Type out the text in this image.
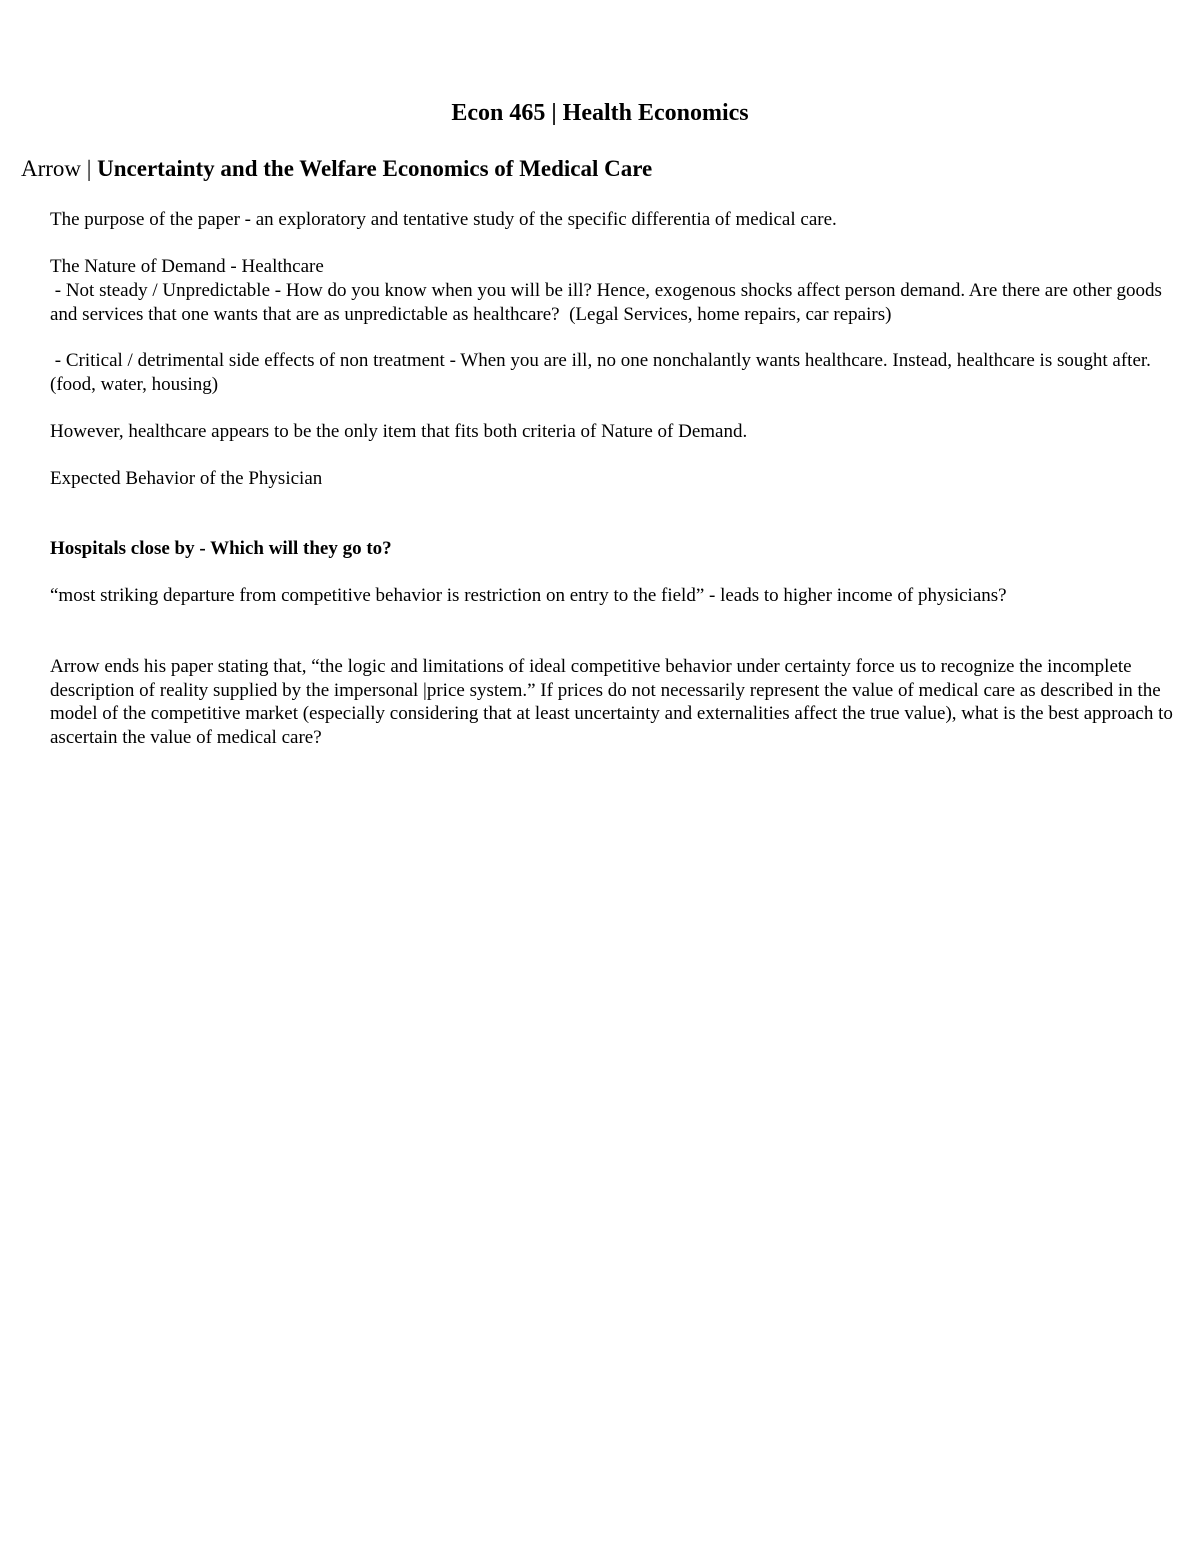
Econ 465 | Health Economics
Arrow | Uncertainty and the Welfare Economics of Medical Care
The purpose of the paper - an exploratory and tentative study of the specific differentia of medical care.
The Nature of Demand - Healthcare
- Not steady / Unpredictable - How do you know when you will be ill? Hence, exogenous shocks affect person demand. Are there are other goods and services that one wants that are as unpredictable as healthcare?  (Legal Services, home repairs, car repairs)
- Critical / detrimental side effects of non treatment - When you are ill, no one nonchalantly wants healthcare. Instead, healthcare is sought after. (food, water, housing)
However, healthcare appears to be the only item that fits both criteria of Nature of Demand.
Expected Behavior of the Physician
Hospitals close by - Which will they go to?
“most striking departure from competitive behavior is restriction on entry to the field” - leads to higher income of physicians?
Arrow ends his paper stating that, “the logic and limitations of ideal competitive behavior under certainty force us to recognize the incomplete description of reality supplied by the impersonal |price system.” If prices do not necessarily represent the value of medical care as described in the model of the competitive market (especially considering that at least uncertainty and externalities affect the true value), what is the best approach to ascertain the value of medical care?
